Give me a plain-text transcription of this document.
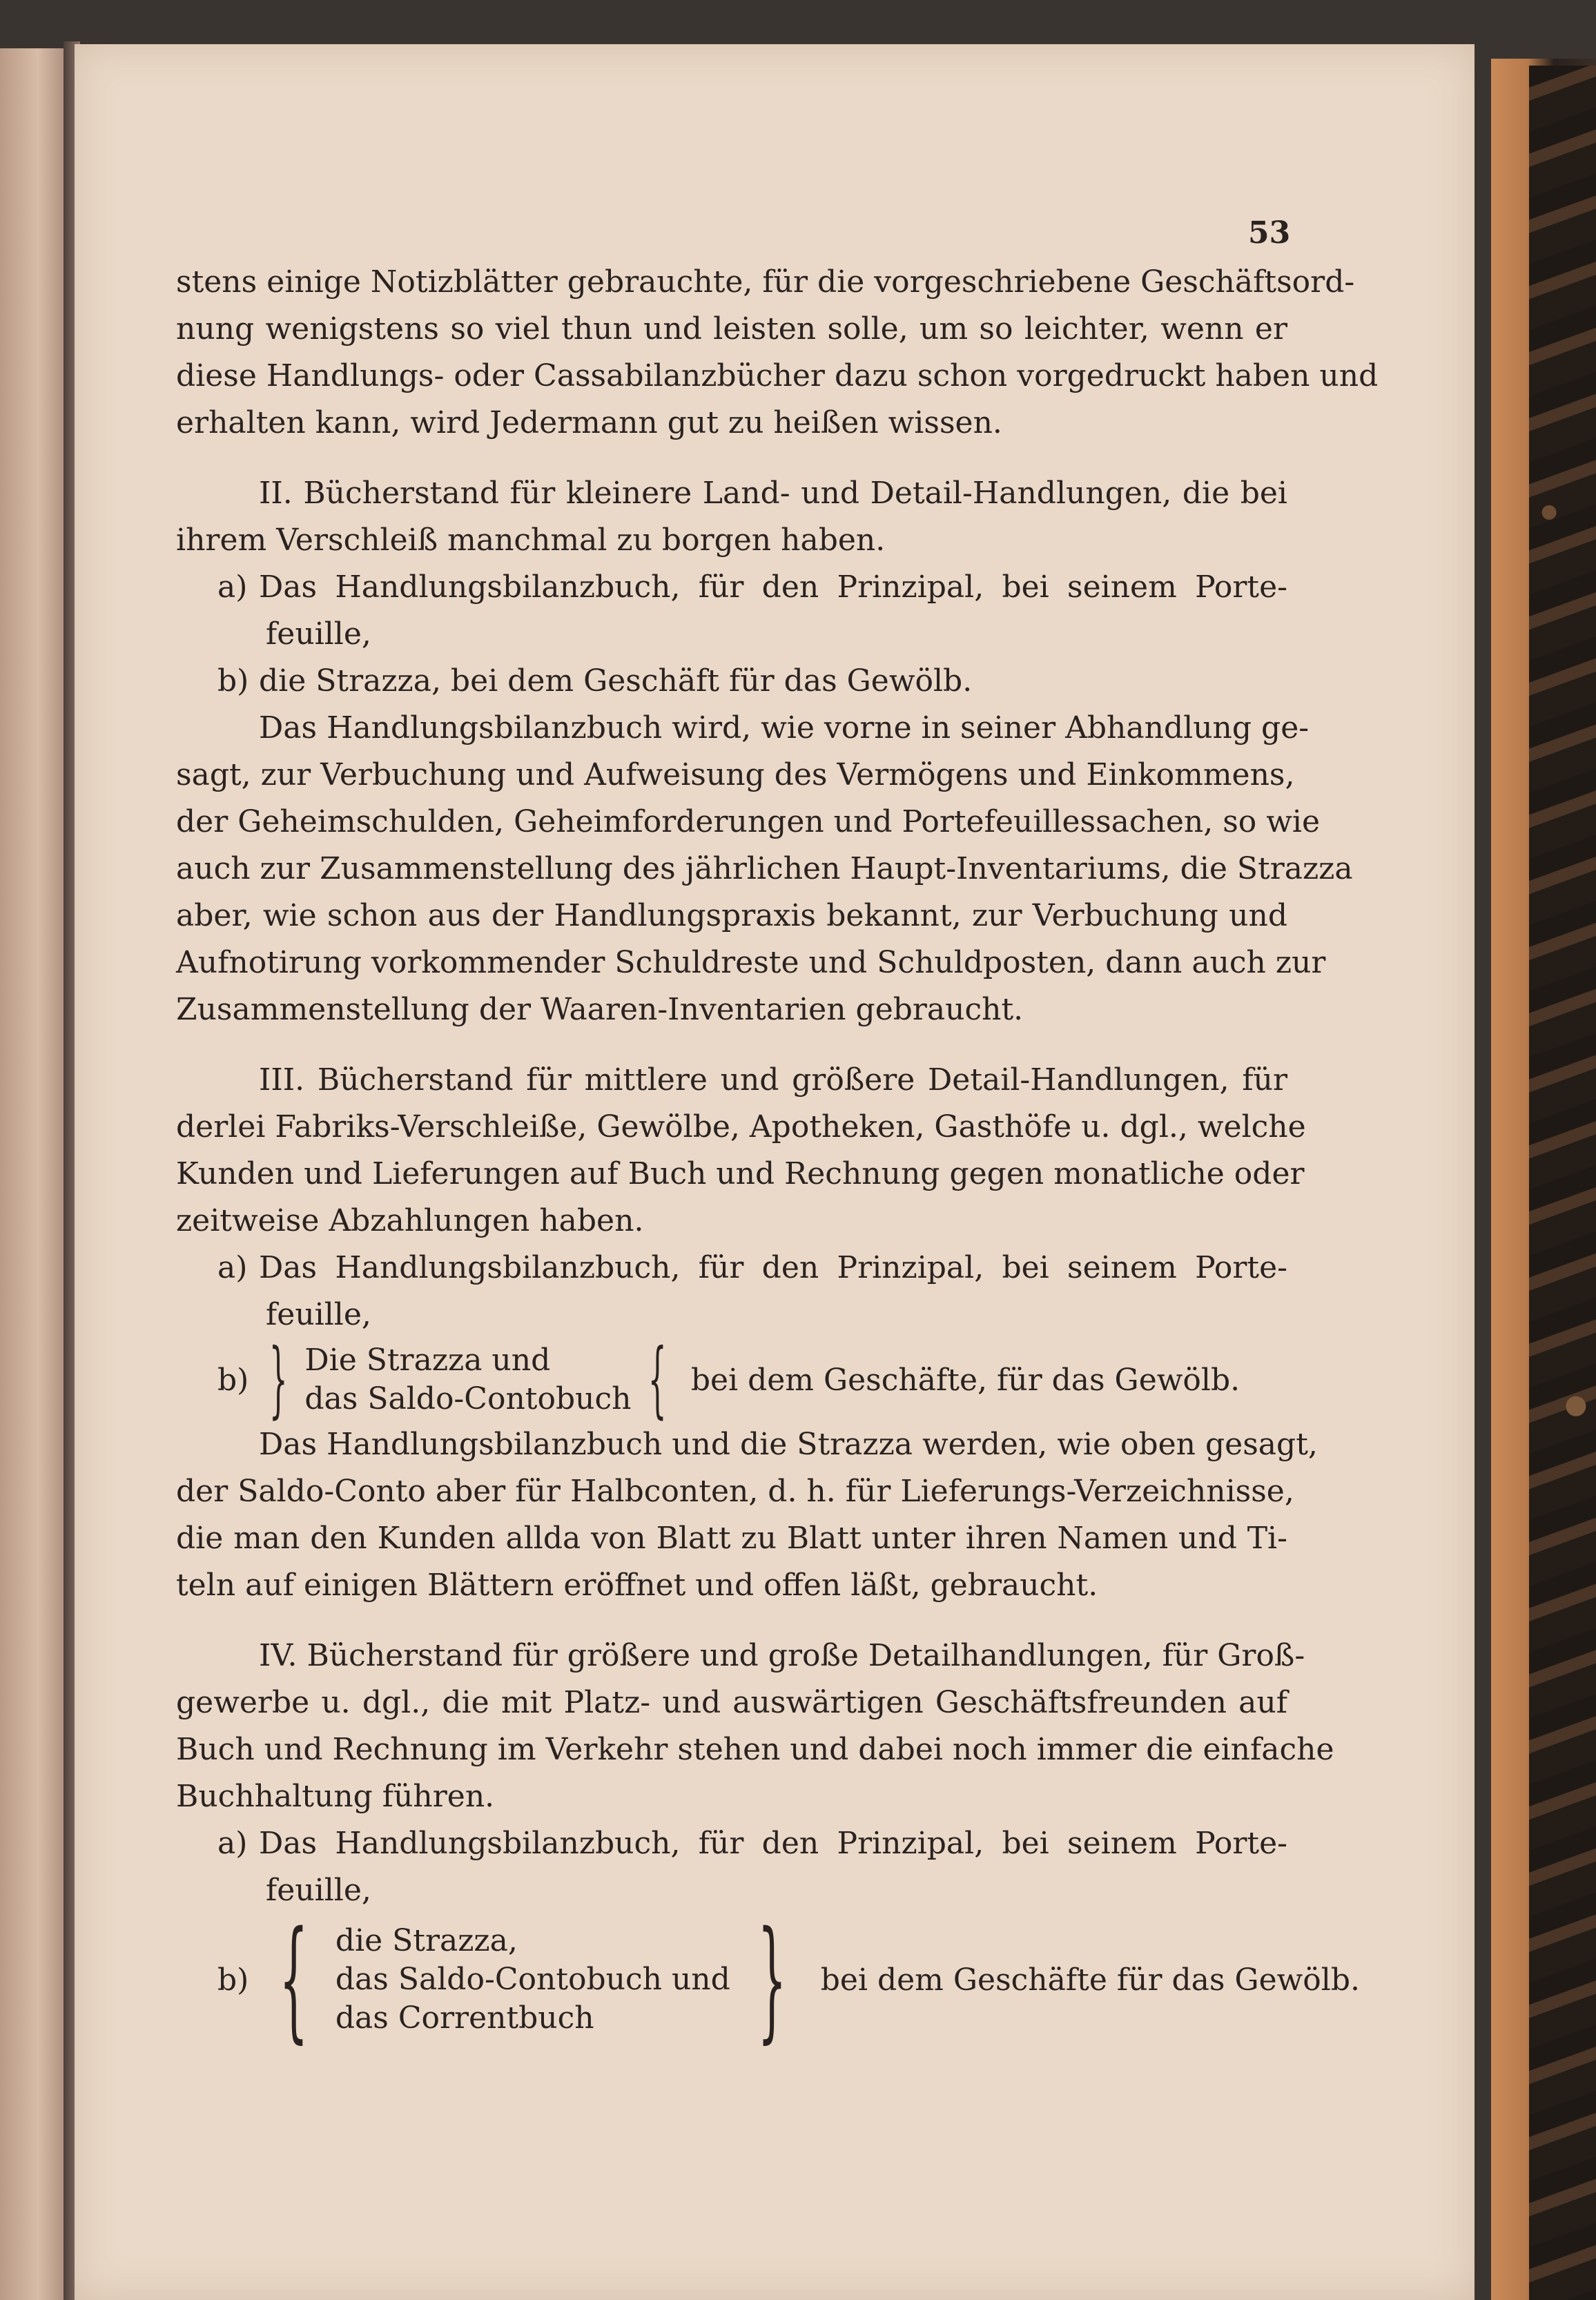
53

stens einige Notizblätter gebrauchte, für die vorgeschriebene Geschäftsord-

nung wenigstens so viel thun und leisten solle, um so leichter, wenn er

diese Handlungs- oder Cassabilanzbücher dazu schon vorgedruckt haben und

erhalten kann, wird Jedermann gut zu heißen wissen.

II. Bücherstand für kleinere Land- und Detail-Handlungen, die bei

ihrem Verschleiß manchmal zu borgen haben.

a) Das Handlungsbilanzbuch, für den Prinzipal, bei seinem Porte-

feuille,

b) die Strazza, bei dem Geschäft für das Gewölb.

Das Handlungsbilanzbuch wird, wie vorne in seiner Abhandlung ge-

sagt, zur Verbuchung und Aufweisung des Vermögens und Einkommens,

der Geheimschulden, Geheimforderungen und Portefeuillessachen, so wie

auch zur Zusammenstellung des jährlichen Haupt-Inventariums, die Strazza

aber, wie schon aus der Handlungspraxis bekannt, zur Verbuchung und

Aufnotirung vorkommender Schuldreste und Schuldposten, dann auch zur

Zusammenstellung der Waaren-Inventarien gebraucht.

III. Bücherstand für mittlere und größere Detail-Handlungen, für

derlei Fabriks-Verschleiße, Gewölbe, Apotheken, Gasthöfe u. dgl., welche

Kunden und Lieferungen auf Buch und Rechnung gegen monatliche oder

zeitweise Abzahlungen haben.

a) Das Handlungsbilanzbuch, für den Prinzipal, bei seinem Porte-

feuille,

b) } Die Strazza und
das Saldo-Contobuch { bei dem Geschäfte, für das Gewölb.

Das Handlungsbilanzbuch und die Strazza werden, wie oben gesagt,

der Saldo-Conto aber für Halbconten, d. h. für Lieferungs-Verzeichnisse,

die man den Kunden allda von Blatt zu Blatt unter ihren Namen und Ti-

teln auf einigen Blättern eröffnet und offen läßt, gebraucht.

IV. Bücherstand für größere und große Detailhandlungen, für Groß-

gewerbe u. dgl., die mit Platz- und auswärtigen Geschäftsfreunden auf

Buch und Rechnung im Verkehr stehen und dabei noch immer die einfache

Buchhaltung führen.

a) Das Handlungsbilanzbuch, für den Prinzipal, bei seinem Porte-

feuille,

b) { die Strazza,
das Saldo-Contobuch und
das Correntbuch	} bei dem Geschäfte für das Gewölb.
